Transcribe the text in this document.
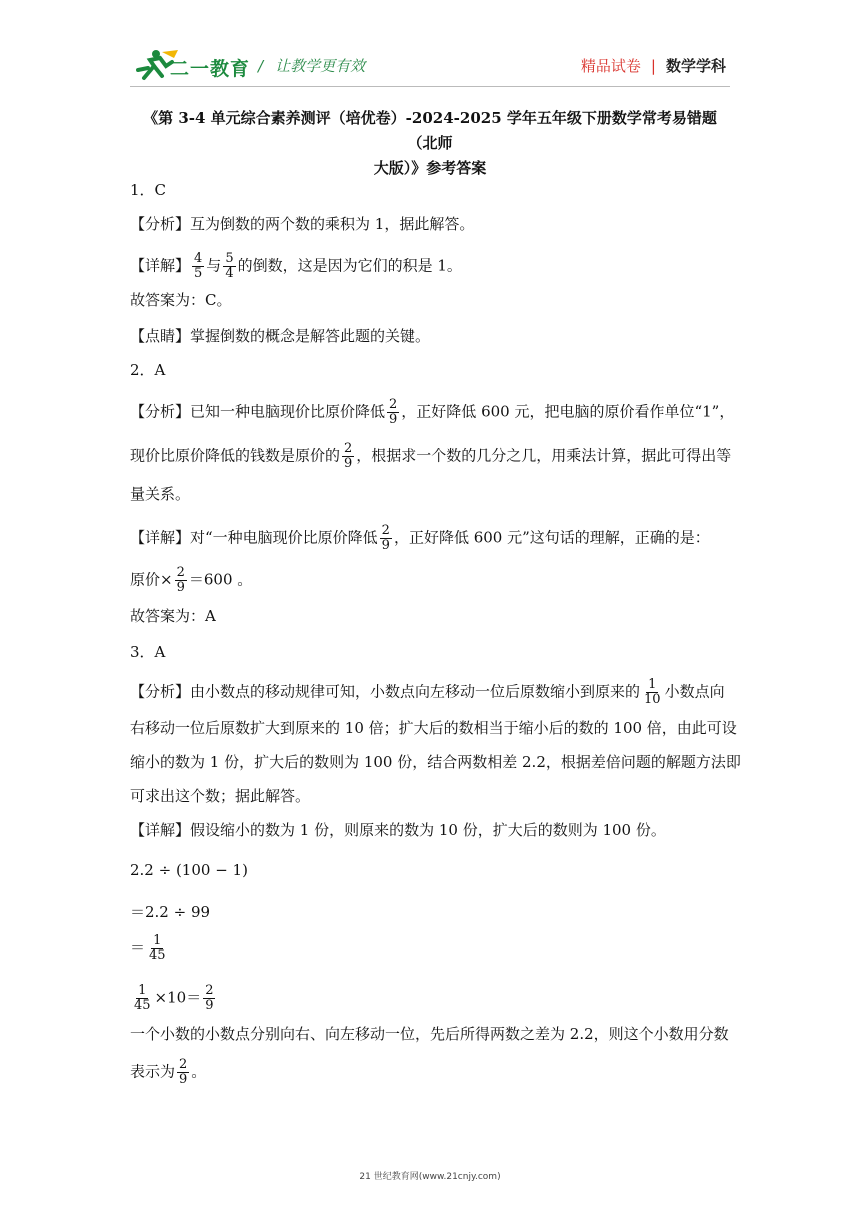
二一教育 / 让教学更有效	精品试卷 | 数学学科
《第 3-4 单元综合素养测评（培优卷）-2024-2025 学年五年级下册数学常考易错题（北师
大版）》参考答案
1．C
【分析】互为倒数的两个数的乘积为 1，据此解答。
【详解】 $\frac{4}{5}$ 与 $\frac{5}{4}$ 的倒数，这是因为它们的积是 1。
故答案为：C。
【点睛】掌握倒数的概念是解答此题的关键。
2．A
【分析】已知一种电脑现价比原价降低 $\frac{2}{9}$ ，正好降低 600 元，把电脑的原价看作单位“1”，
现价比原价降低的钱数是原价的 $\frac{2}{9}$ ，根据求一个数的几分之几，用乘法计算，据此可得出等
量关系。
【详解】对“一种电脑现价比原价降低 $\frac{2}{9}$ ，正好降低 600 元”这句话的理解，正确的是：
原价× $\frac{2}{9} =600$ 。
故答案为：A
3．A
【分析】由小数点的移动规律可知，小数点向左移动一位后原数缩小到原来的 $\frac{1}{10}$ 小数点向
右移动一位后原数扩大到原来的 10 倍；扩大后的数相当于缩小后的数的 100 倍，由此可设
缩小的数为 1 份，扩大后的数则为 100 份，结合两数相差 2.2，根据差倍问题的解题方法即
可求出这个数；据此解答。
【详解】假设缩小的数为 1 份，则原来的数为 10 份，扩大后的数则为 100 份。
2.2 ÷ (100 − 1)
＝2.2 ÷ 99
＝ $\frac{1}{45}$
$\frac{1}{45} \times 10= \frac{2}{9}$
一个小数的小数点分别向右、向左移动一位，先后所得两数之差为 2.2，则这个小数用分数
表示为 $\frac{2}{9}$ 。
21 世纪教育网(www.21cnjy.com)
